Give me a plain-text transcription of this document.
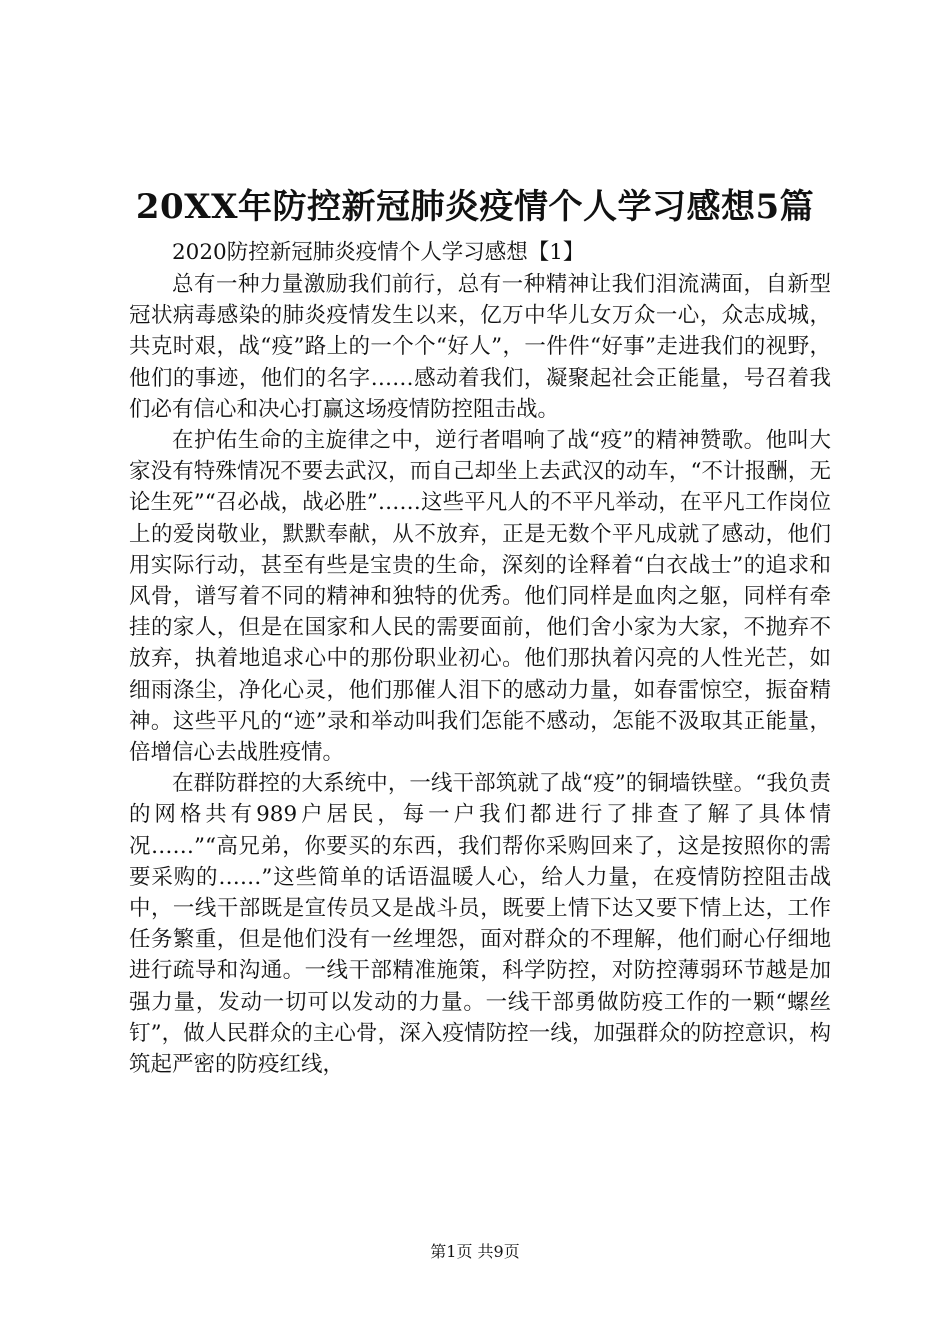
20XX年防控新冠肺炎疫情个人学习感想5篇
2020防控新冠肺炎疫情个人学习感想【1】

总有一种力量激励我们前行，总有一种精神让我们泪流满面，自新型冠状病毒感染的肺炎疫情发生以来，亿万中华儿女万众一心，众志成城，共克时艰，战“疫”路上的一个个“好人”，一件件“好事”走进我们的视野，他们的事迹，他们的名字……感动着我们，凝聚起社会正能量，号召着我们必有信心和决心打赢这场疫情防控阻击战。

在护佑生命的主旋律之中，逆行者唱响了战“疫”的精神赞歌。他叫大家没有特殊情况不要去武汉，而自己却坐上去武汉的动车，“不计报酬，无论生死”“召必战，战必胜”……这些平凡人的不平凡举动，在平凡工作岗位上的爱岗敬业，默默奉献，从不放弃，正是无数个平凡成就了感动，他们用实际行动，甚至有些是宝贵的生命，深刻的诠释着“白衣战士”的追求和风骨，谱写着不同的精神和独特的优秀。他们同样是血肉之躯，同样有牵挂的家人，但是在国家和人民的需要面前，他们舍小家为大家，不抛弃不放弃，执着地追求心中的那份职业初心。他们那执着闪亮的人性光芒，如细雨涤尘，净化心灵，他们那催人泪下的感动力量，如春雷惊空，振奋精神。这些平凡的“迹”录和举动叫我们怎能不感动，怎能不汲取其正能量，倍增信心去战胜疫情。

在群防群控的大系统中，一线干部筑就了战“疫”的铜墙铁壁。“我负责的网格共有989户居民，每一户我们都进行了排查了解了具体情况……”“高兄弟，你要买的东西，我们帮你采购回来了，这是按照你的需要采购的……”这些简单的话语温暖人心，给人力量，在疫情防控阻击战中，一线干部既是宣传员又是战斗员，既要上情下达又要下情上达，工作任务繁重，但是他们没有一丝埋怨，面对群众的不理解，他们耐心仔细地进行疏导和沟通。一线干部精准施策，科学防控，对防控薄弱环节越是加强力量，发动一切可以发动的力量。一线干部勇做防疫工作的一颗“螺丝钉”，做人民群众的主心骨，深入疫情防控一线，加强群众的防控意识，构筑起严密的防疫红线，

第1页 共9页
